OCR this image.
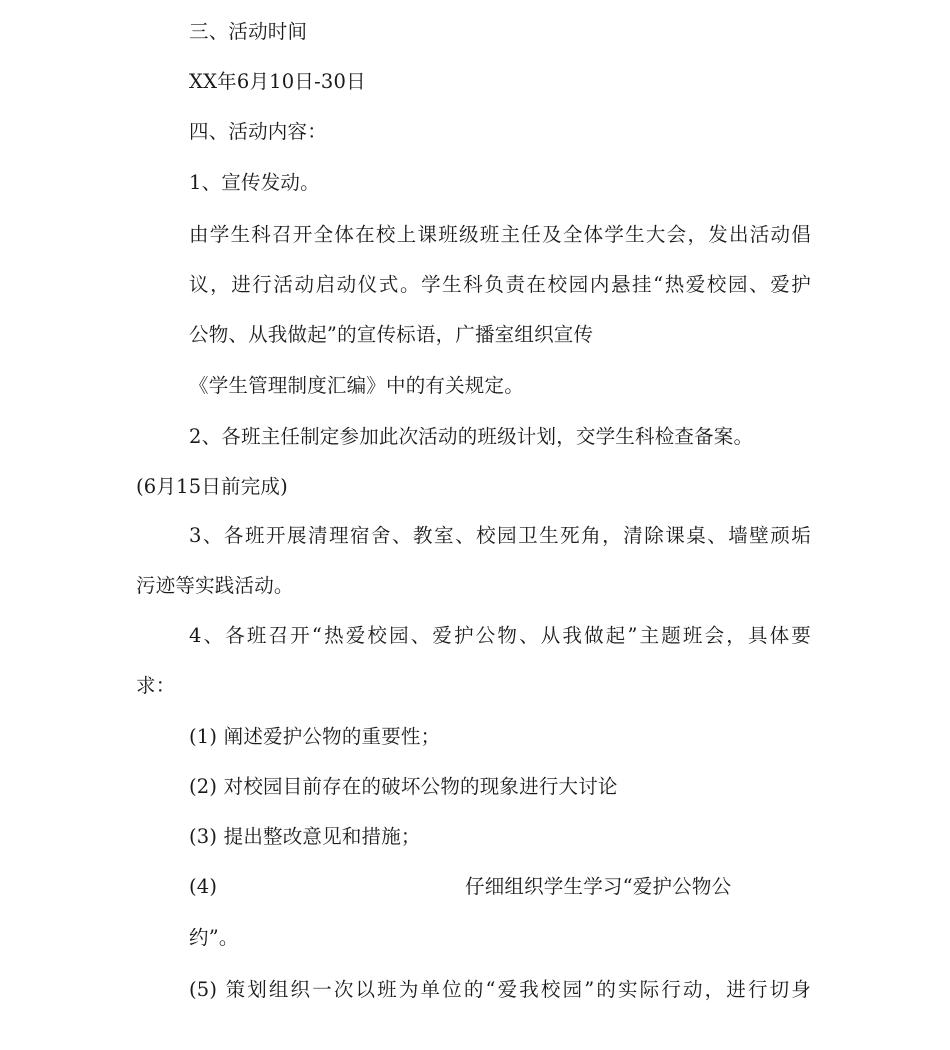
三、活动时间
XX年6月10日-30日
四、活动内容：
1、宣传发动。
由学生科召开全体在校上课班级班主任及全体学生大会，发出活动倡
议，进行活动启动仪式。学生科负责在校园内悬挂“热爱校园、爱护
公物、从我做起”的宣传标语，广播室组织宣传
《学生管理制度汇编》中的有关规定。
2、各班主任制定参加此次活动的班级计划，交学生科检查备案。
(6月15日前完成)
3、各班开展清理宿舍、教室、校园卫生死角，清除课桌、墙壁顽垢
污迹等实践活动。
4、各班召开“热爱校园、爱护公物、从我做起”主题班会，具体要
求：
(1) 阐述爱护公物的重要性；
(2) 对校园目前存在的破坏公物的现象进行大讨论
(3) 提出整改意见和措施；
(4)	仔细组织学生学习“爱护公物公
约”。
(5) 策划组织一次以班为单位的“爱我校园”的实际行动，进行切身
